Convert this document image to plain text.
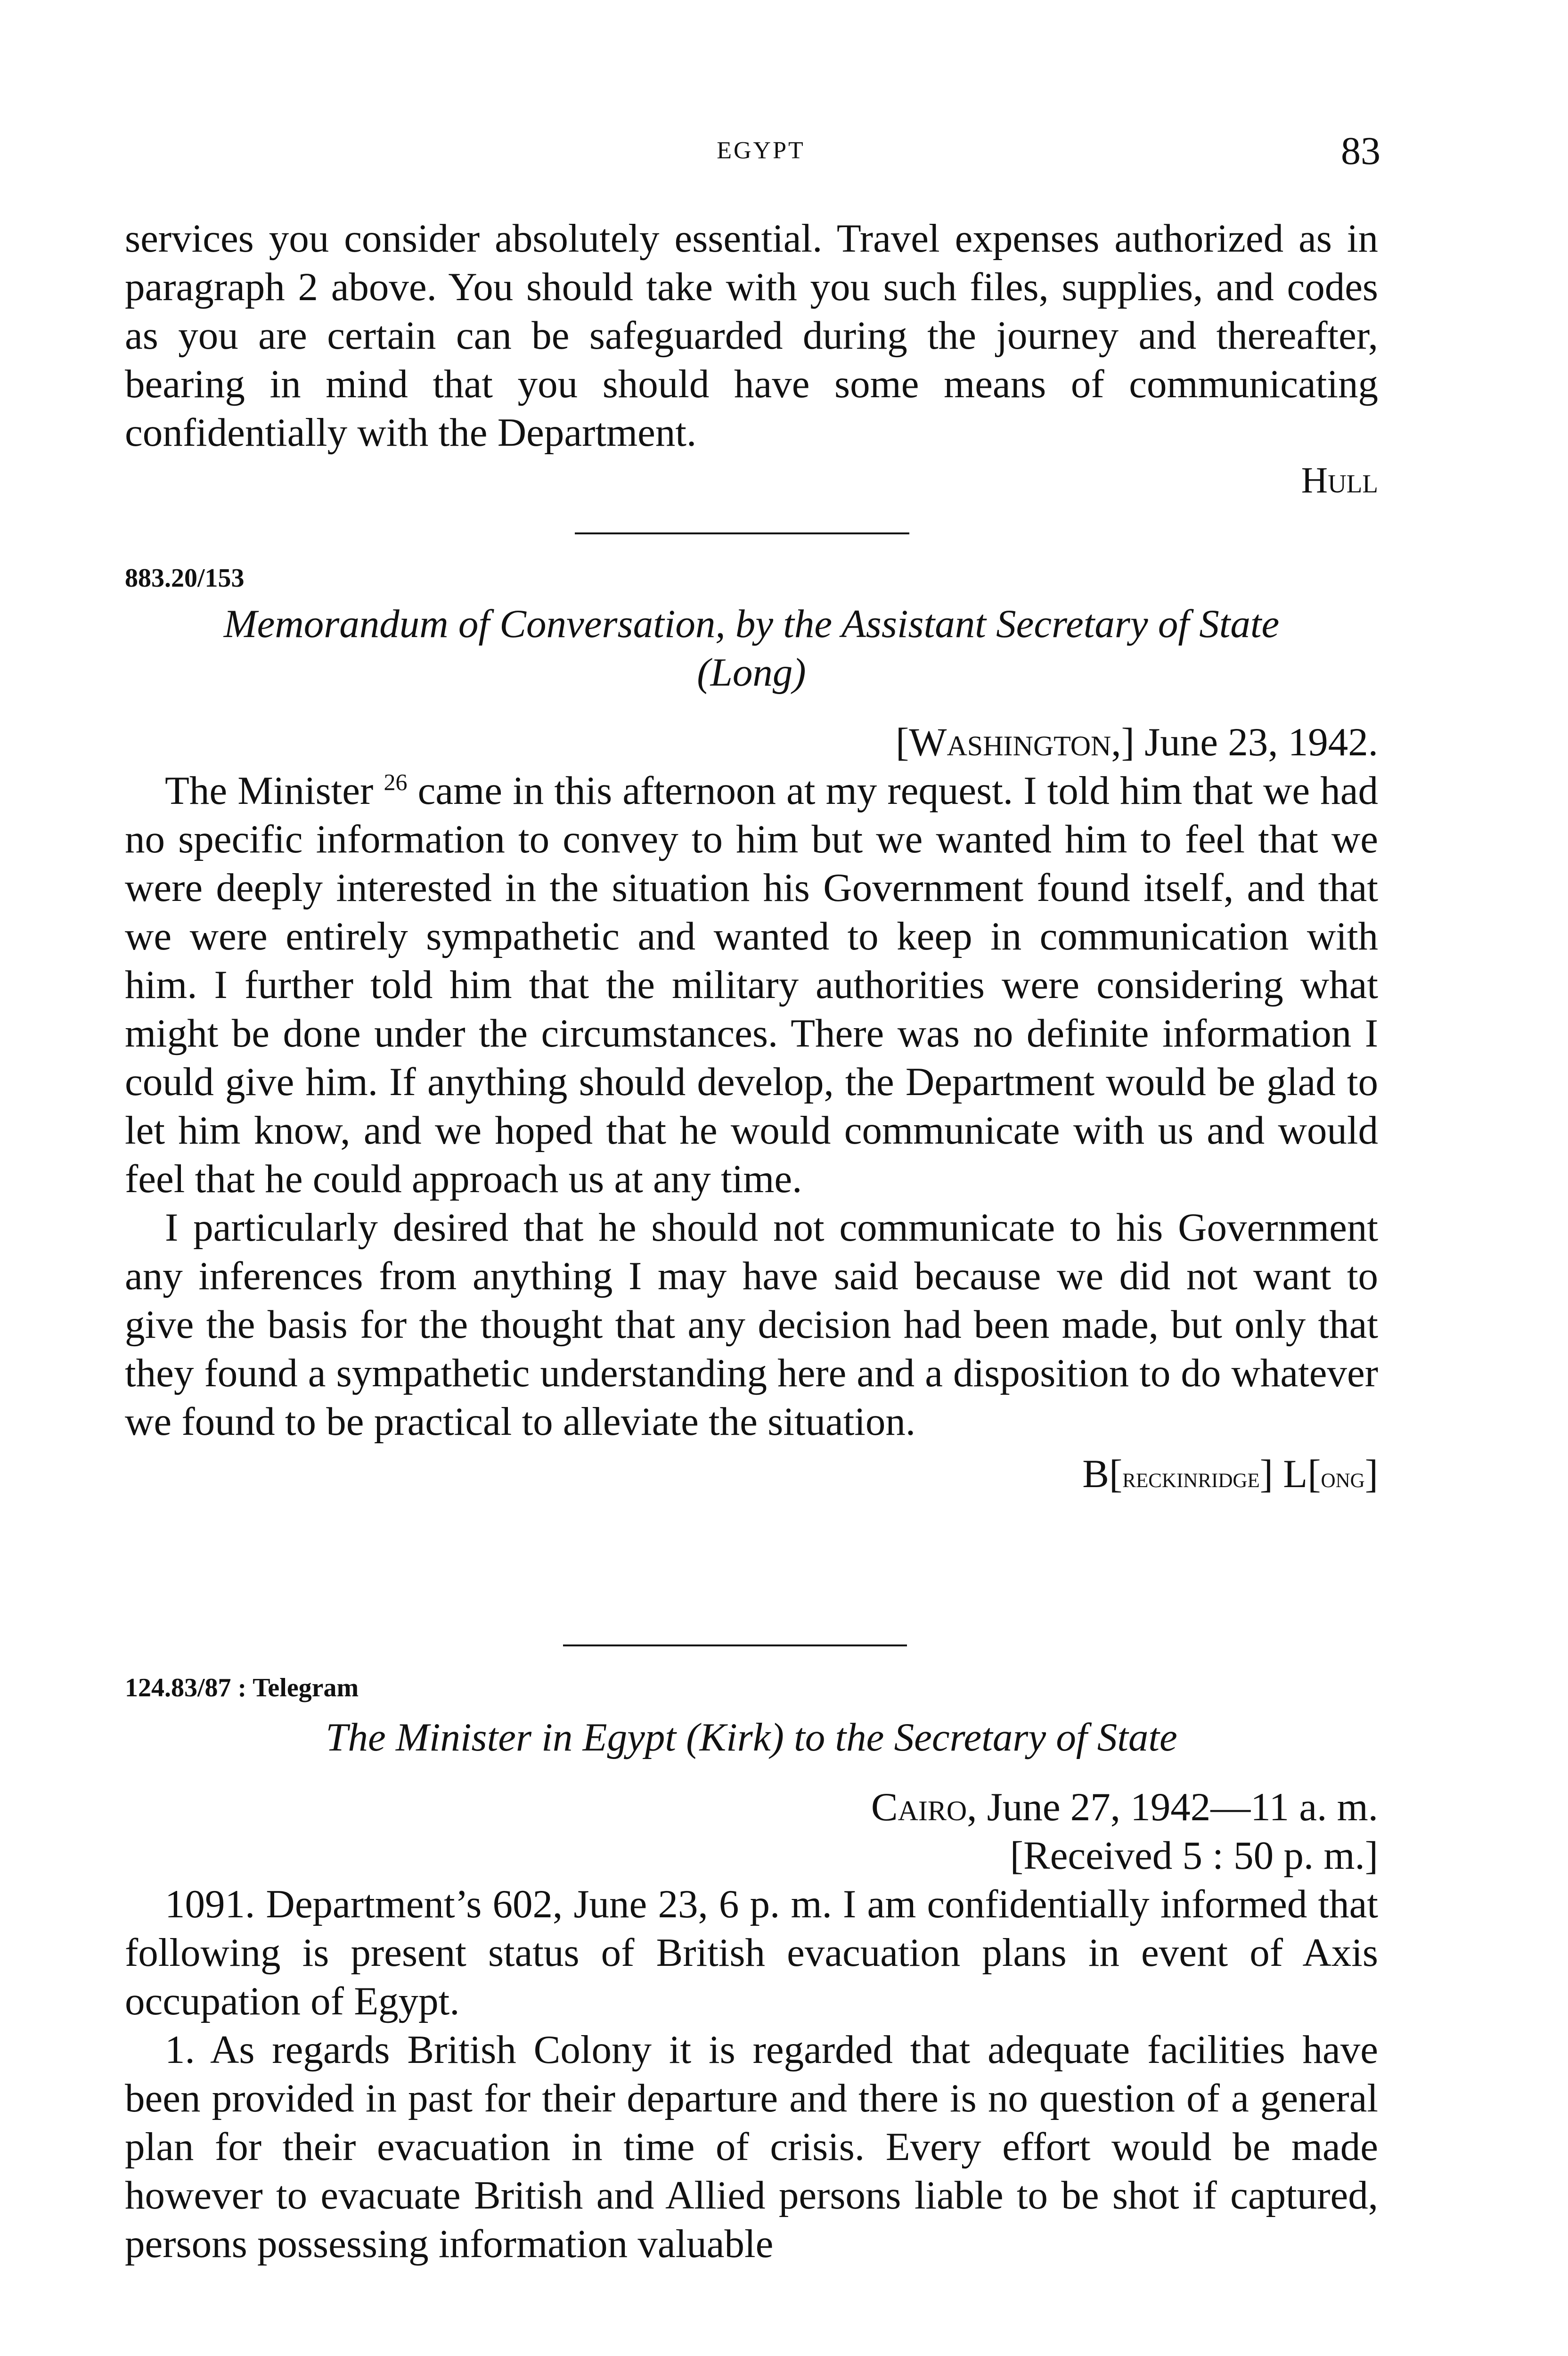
EGYPT	83

services you consider absolutely essential. Travel expenses authorized as in paragraph 2 above. You should take with you such files, supplies, and codes as you are certain can be safeguarded during the journey and thereafter, bearing in mind that you should have some means of communicating confidentially with the Department.

Hull

883.20/153

Memorandum of Conversation, by the Assistant Secretary of State

(Long)

[Washington,] June 23, 1942.

The Minister $^{26}$ came in this afternoon at my request. I told him that we had no specific information to convey to him but we wanted him to feel that we were deeply interested in the situation his Government found itself, and that we were entirely sympathetic and wanted to keep in communication with him. I further told him that the military authorities were considering what might be done under the circumstances. There was no definite information I could give him. If anything should develop, the Department would be glad to let him know, and we hoped that he would communicate with us and would feel that he could approach us at any time.

I particularly desired that he should not communicate to his Government any inferences from anything I may have said because we did not want to give the basis for the thought that any decision had been made, but only that they found a sympathetic understanding here and a disposition to do whatever we found to be practical to alleviate the situation.

B[reckinridge] L[ong]

124.83/87 : Telegram

The Minister in Egypt (Kirk) to the Secretary of State

Cairo, June 27, 1942—11 a. m.

[Received 5 : 50 p. m.]

1091. Department’s 602, June 23, 6 p. m. I am confidentially informed that following is present status of British evacuation plans in event of Axis occupation of Egypt.

1. As regards British Colony it is regarded that adequate facilities have been provided in past for their departure and there is no question of a general plan for their evacuation in time of crisis. Every effort would be made however to evacuate British and Allied persons liable to be shot if captured, persons possessing information valuable
